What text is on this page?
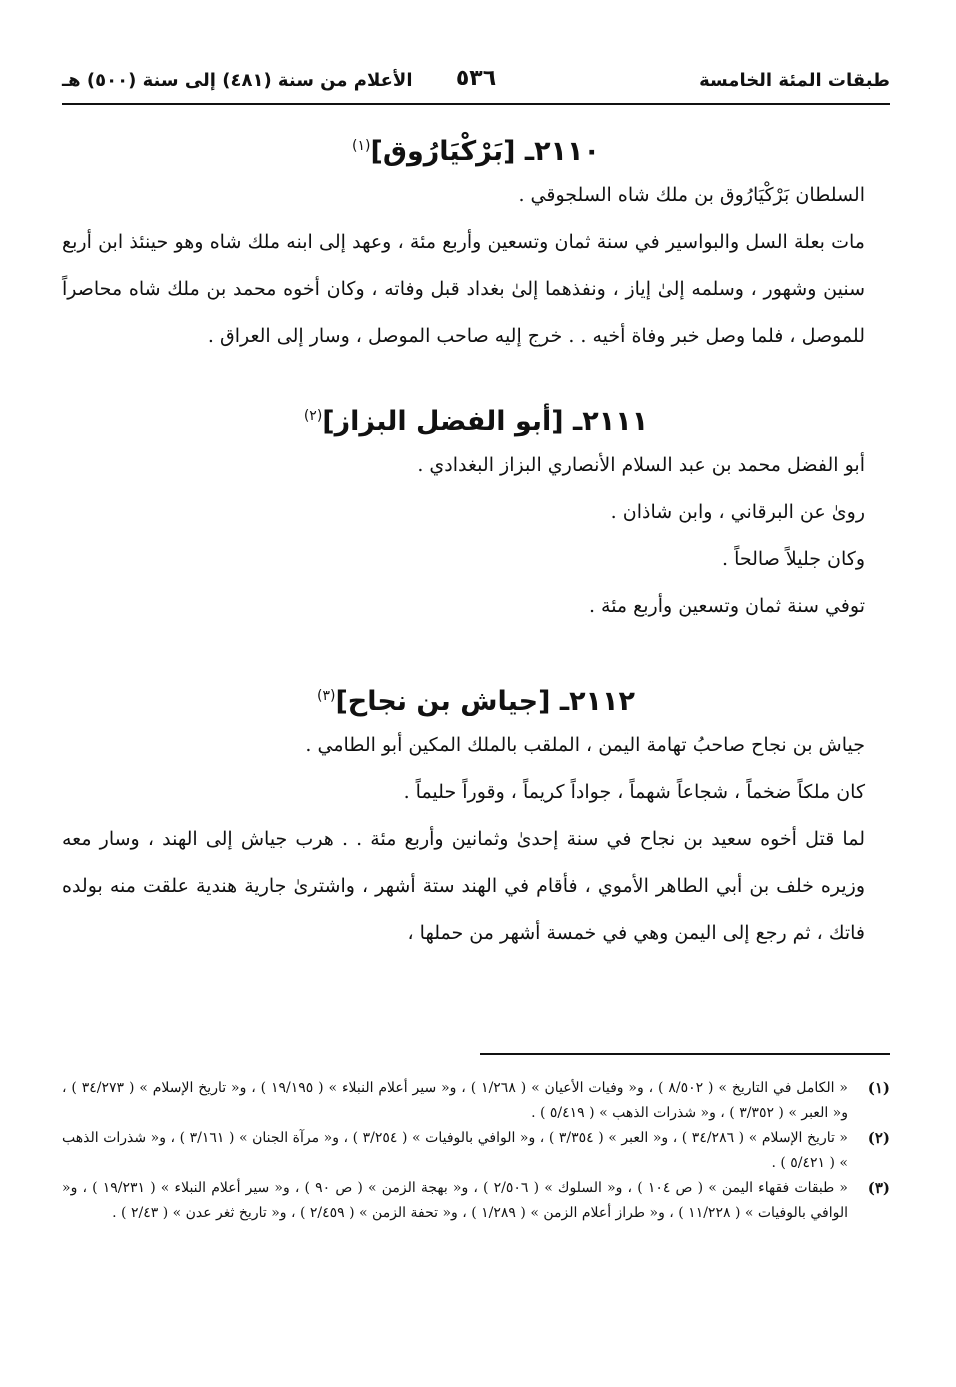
طبقات المئة الخامسة
٥٣٦
الأعلام من سنة (٤٨١) إلى سنة (٥٠٠) هـ
٢١١٠ـ [بَرْكْيَارُوق]$^{(١)}$

السلطان بَرْكْيَارُوق بن ملك شاه السلجوقي .

مات بعلة السل والبواسير في سنة ثمان وتسعين وأربع مئة ، وعهد إلى ابنه ملك شاه وهو حينئذ ابن أربع سنين وشهور ، وسلمه إلىٰ إياز ، ونفذهما إلىٰ بغداد قبل وفاته ، وكان أخوه محمد بن ملك شاه محاصراً للموصل ، فلما وصل خبر وفاة أخيه . . خرج إليه صاحب الموصل ، وسار إلى العراق .

٢١١١ـ [أبو الفضل البزاز]$^{(٢)}$

أبو الفضل محمد بن عبد السلام الأنصاري البزاز البغدادي .

روىٰ عن البرقاني ، وابن شاذان .

وكان جليلاً صالحاً .

توفي سنة ثمان وتسعين وأربع مئة .

٢١١٢ـ [جياش بن نجاح]$^{(٣)}$

جياش بن نجاح صاحبُ تهامة اليمن ، الملقب بالملك المكين أبو الطامي .

كان ملكاً ضخماً ، شجاعاً شهماً ، جواداً كريماً ، وقوراً حليماً .

لما قتل أخوه سعيد بن نجاح في سنة إحدىٰ وثمانين وأربع مئة . . هرب جياش إلى الهند ، وسار معه وزيره خلف بن أبي الطاهر الأموي ، فأقام في الهند ستة أشهر ، واشترىٰ جارية هندية علقت منه بولده فاتك ، ثم رجع إلى اليمن وهي في خمسة أشهر من حملها ،

(١)
« الكامل في التاريخ » ( ٨/٥٠٢ ) ، و« وفيات الأعيان » ( ١/٢٦٨ ) ، و« سير أعلام النبلاء » ( ١٩/١٩٥ ) ، و« تاريخ الإسلام » ( ٣٤/٢٧٣ ) ، و« العبر » ( ٣/٣٥٢ ) ، و« شذرات الذهب » ( ٥/٤١٩ ) .
(٢)
« تاريخ الإسلام » ( ٣٤/٢٨٦ ) ، و« العبر » ( ٣/٣٥٤ ) ، و« الوافي بالوفيات » ( ٣/٢٥٤ ) ، و« مرآة الجنان » ( ٣/١٦١ ) ، و« شذرات الذهب » ( ٥/٤٢١ ) .
(٣)
« طبقات فقهاء اليمن » ( ص ١٠٤ ) ، و« السلوك » ( ٢/٥٠٦ ) ، و« بهجة الزمن » ( ص ٩٠ ) ، و« سير أعلام النبلاء » ( ١٩/٢٣١ ) ، و« الوافي بالوفيات » ( ١١/٢٢٨ ) ، و« طراز أعلام الزمن » ( ١/٢٨٩ ) ، و« تحفة الزمن » ( ٢/٤٥٩ ) ، و« تاريخ ثغر عدن » ( ٢/٤٣ ) .
